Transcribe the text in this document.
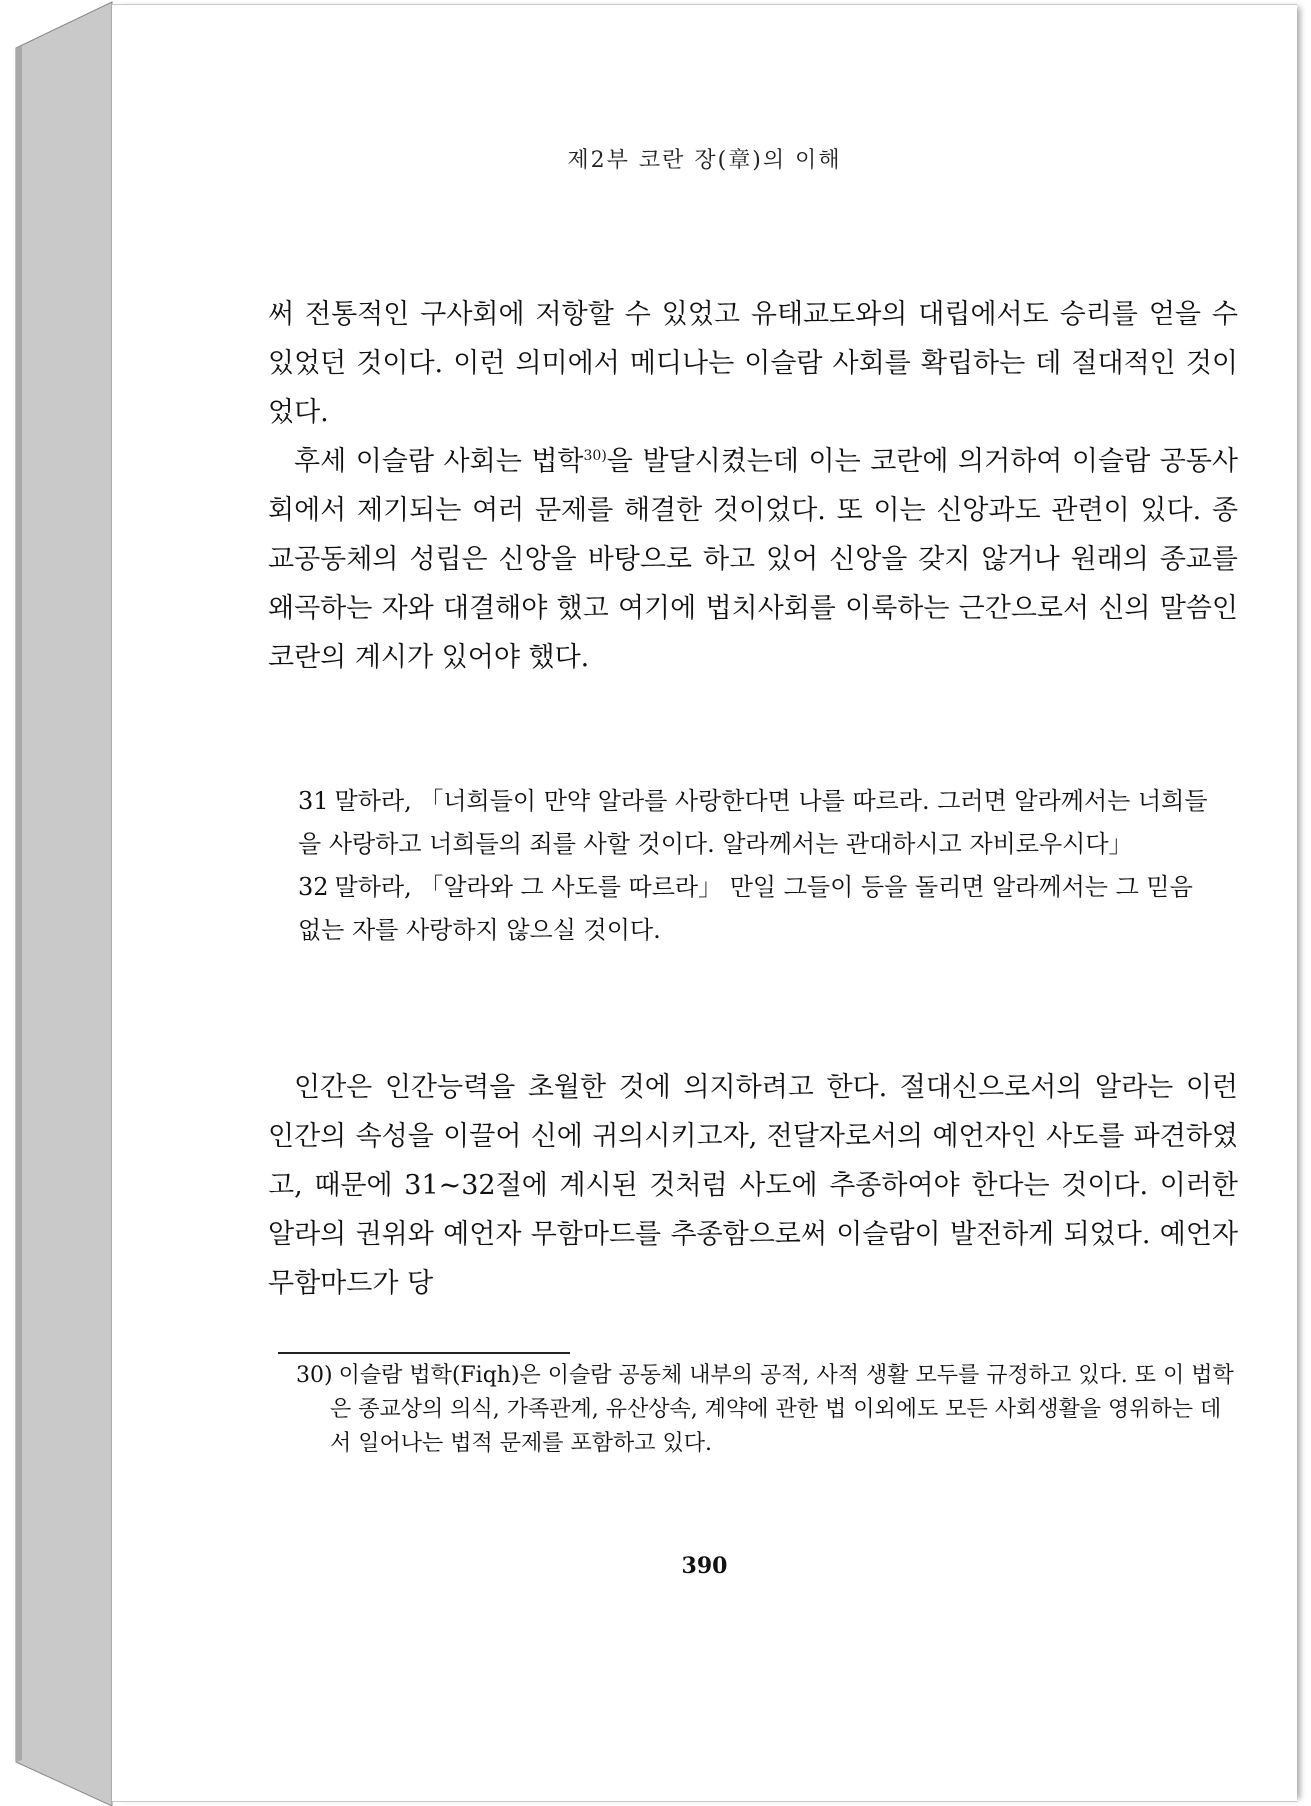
제2부 코란 장(章)의 이해

써 전통적인 구사회에 저항할 수 있었고 유태교도와의 대립에서도 승리를 얻을 수 있었던 것이다. 이런 의미에서 메디나는 이슬람 사회를 확립하는 데 절대적인 것이었다.

후세 이슬람 사회는 법학$^{30)}$을 발달시켰는데 이는 코란에 의거하여 이슬람 공동사회에서 제기되는 여러 문제를 해결한 것이었다. 또 이는 신앙과도 관련이 있다. 종교공동체의 성립은 신앙을 바탕으로 하고 있어 신앙을 갖지 않거나 원래의 종교를 왜곡하는 자와 대결해야 했고 여기에 법치사회를 이룩하는 근간으로서 신의 말씀인 코란의 계시가 있어야 했다.

31 말하라, 「너희들이 만약 알라를 사랑한다면 나를 따르라. 그러면 알라께서는 너희들을 사랑하고 너희들의 죄를 사할 것이다. 알라께서는 관대하시고 자비로우시다」

32 말하라, 「알라와 그 사도를 따르라」 만일 그들이 등을 돌리면 알라께서는 그 믿음 없는 자를 사랑하지 않으실 것이다.

인간은 인간능력을 초월한 것에 의지하려고 한다. 절대신으로서의 알라는 이런 인간의 속성을 이끌어 신에 귀의시키고자, 전달자로서의 예언자인 사도를 파견하였고, 때문에 31~32절에 계시된 것처럼 사도에 추종하여야 한다는 것이다. 이러한 알라의 권위와 예언자 무함마드를 추종함으로써 이슬람이 발전하게 되었다. 예언자 무함마드가 당

30) 이슬람 법학(Fiqh)은 이슬람 공동체 내부의 공적, 사적 생활 모두를 규정하고 있다. 또 이 법학은 종교상의 의식, 가족관계, 유산상속, 계약에 관한 법 이외에도 모든 사회생활을 영위하는 데서 일어나는 법적 문제를 포함하고 있다.

390
